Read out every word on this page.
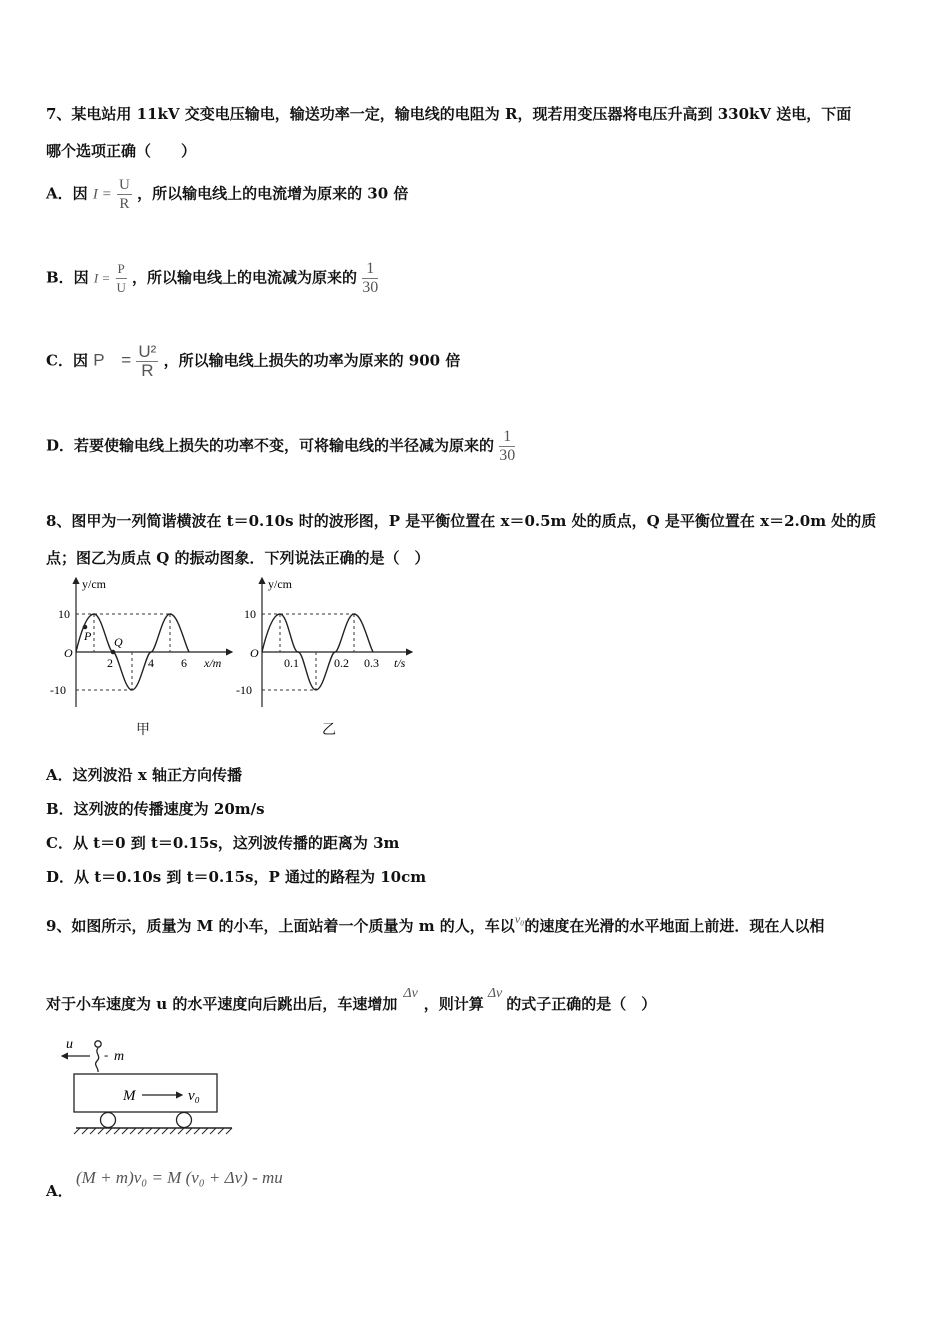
7、某电站用 11kV 交变电压输电，输送功率一定，输电线的电阻为 R，现若用变压器将电压升高到 330kV 送电，下面
哪个选项正确（　　）
A．因 $I = \frac{U}{R}$ ，所以输电线上的电流增为原来的 30 倍
B．因 $I = \frac{P}{U}$ ，所以输电线上的电流减为原来的 $\frac{1}{30}$
C．因 P　= $\frac{\text{U²}}{R}$ ，所以输电线上损失的功率为原来的 900 倍
D．若要使输电线上损失的功率不变，可将输电线的半径减为原来的 $\frac{1}{30}$
8、图甲为一列简谐横波在 t＝0.10s 时的波形图，P 是平衡位置在 x＝0.5m 处的质点，Q 是平衡位置在 x＝2.0m 处的质
点；图乙为质点 Q 的振动图象．下列说法正确的是（　）
y/cm
10
-10
O
P Q
2	4 6 x/m
甲
y/cm
10
-10
O
0.1	0.2 0.3 t/s
乙
A．这列波沿 x 轴正方向传播
B．这列波的传播速度为 20m/s
C．从 t＝0 到 t＝0.15s，这列波传播的距离为 3m
D．从 t＝0.10s 到 t＝0.15s，P 通过的路程为 10cm
9、如图所示，质量为 M 的小车，上面站着一个质量为 m 的人，车以$^{v_0}$的速度在光滑的水平地面上前进．现在人以相
对于小车速度为 u 的水平速度向后跳出后，车速增加Δv，则计算Δv的式子正确的是（　）
u
m
-
M	v₀
A．
(M + m)v₀ = M (v₀ + Δv) - mu
